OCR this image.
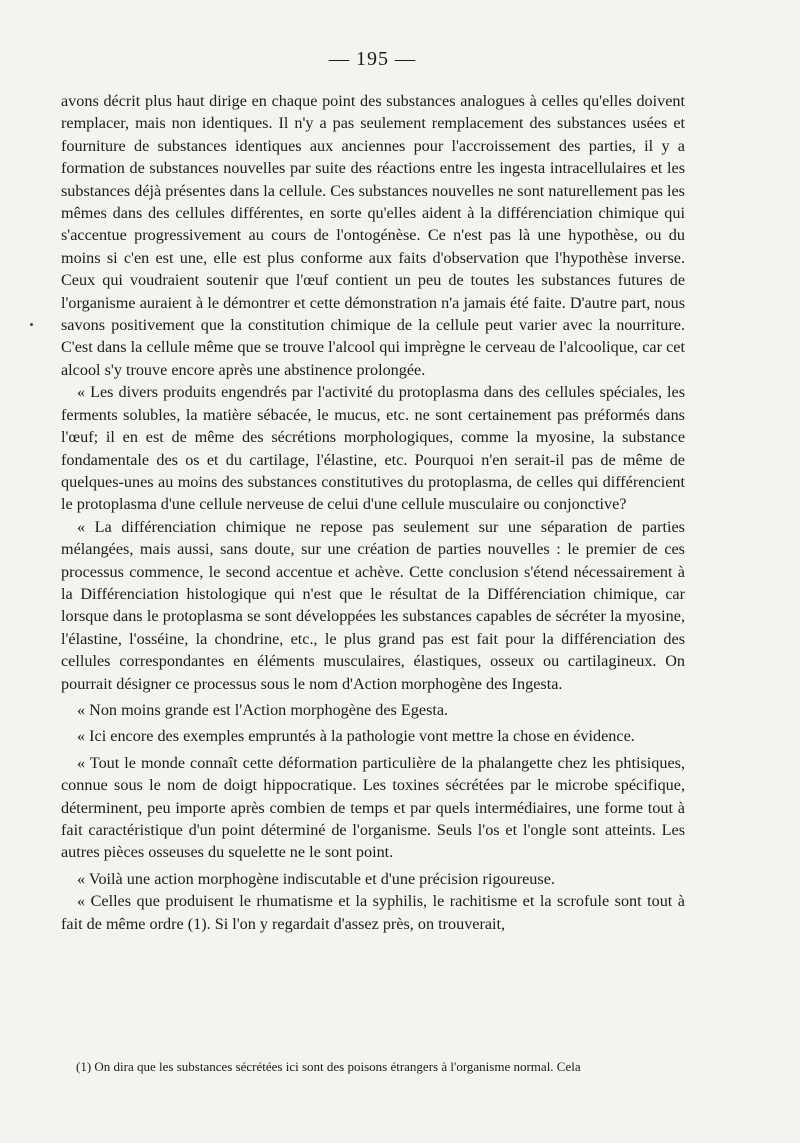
— 195 —

avons décrit plus haut dirige en chaque point des substances analogues à celles qu'elles doivent remplacer, mais non identiques. Il n'y a pas seulement remplacement des substances usées et fourniture de substances identiques aux anciennes pour l'accroissement des parties, il y a formation de substances nouvelles par suite des réactions entre les ingesta intracellulaires et les substances déjà présentes dans la cellule. Ces substances nouvelles ne sont naturellement pas les mêmes dans des cellules différentes, en sorte qu'elles aident à la différenciation chimique qui s'accentue progressivement au cours de l'ontogénèse. Ce n'est pas là une hypothèse, ou du moins si c'en est une, elle est plus conforme aux faits d'observation que l'hypothèse inverse. Ceux qui voudraient soutenir que l'œuf contient un peu de toutes les substances futures de l'organisme auraient à le démontrer et cette démonstration n'a jamais été faite. D'autre part, nous savons positivement que la constitution chimique de la cellule peut varier avec la nourriture. C'est dans la cellule même que se trouve l'alcool qui imprègne le cerveau de l'alcoolique, car cet alcool s'y trouve encore après une abstinence prolongée.

« Les divers produits engendrés par l'activité du protoplasma dans des cellules spéciales, les ferments solubles, la matière sébacée, le mucus, etc. ne sont certainement pas préformés dans l'œuf; il en est de même des sécrétions morphologiques, comme la myosine, la substance fondamentale des os et du cartilage, l'élastine, etc. Pourquoi n'en serait-il pas de même de quelques-unes au moins des substances constitutives du protoplasma, de celles qui différencient le protoplasma d'une cellule nerveuse de celui d'une cellule musculaire ou conjonctive?

« La différenciation chimique ne repose pas seulement sur une séparation de parties mélangées, mais aussi, sans doute, sur une création de parties nouvelles : le premier de ces processus commence, le second accentue et achève. Cette conclusion s'étend nécessairement à la Différenciation histologique qui n'est que le résultat de la Différenciation chimique, car lorsque dans le protoplasma se sont développées les substances capables de sécréter la myosine, l'élastine, l'osséine, la chondrine, etc., le plus grand pas est fait pour la différenciation des cellules correspondantes en éléments musculaires, élastiques, osseux ou cartilagineux. On pourrait désigner ce processus sous le nom d'Action morphogène des Ingesta.

« Non moins grande est l'Action morphogène des Egesta.

« Ici encore des exemples empruntés à la pathologie vont mettre la chose en évidence.

« Tout le monde connaît cette déformation particulière de la phalangette chez les phtisiques, connue sous le nom de doigt hippocratique. Les toxines sécrétées par le microbe spécifique, déterminent, peu importe après combien de temps et par quels intermédiaires, une forme tout à fait caractéristique d'un point déterminé de l'organisme. Seuls l'os et l'ongle sont atteints. Les autres pièces osseuses du squelette ne le sont point.

« Voilà une action morphogène indiscutable et d'une précision rigoureuse.

« Celles que produisent le rhumatisme et la syphilis, le rachitisme et la scrofule sont tout à fait de même ordre (1). Si l'on y regardait d'assez près, on trouverait,

(1) On dira que les substances sécrétées ici sont des poisons étrangers à l'organisme normal. Cela
